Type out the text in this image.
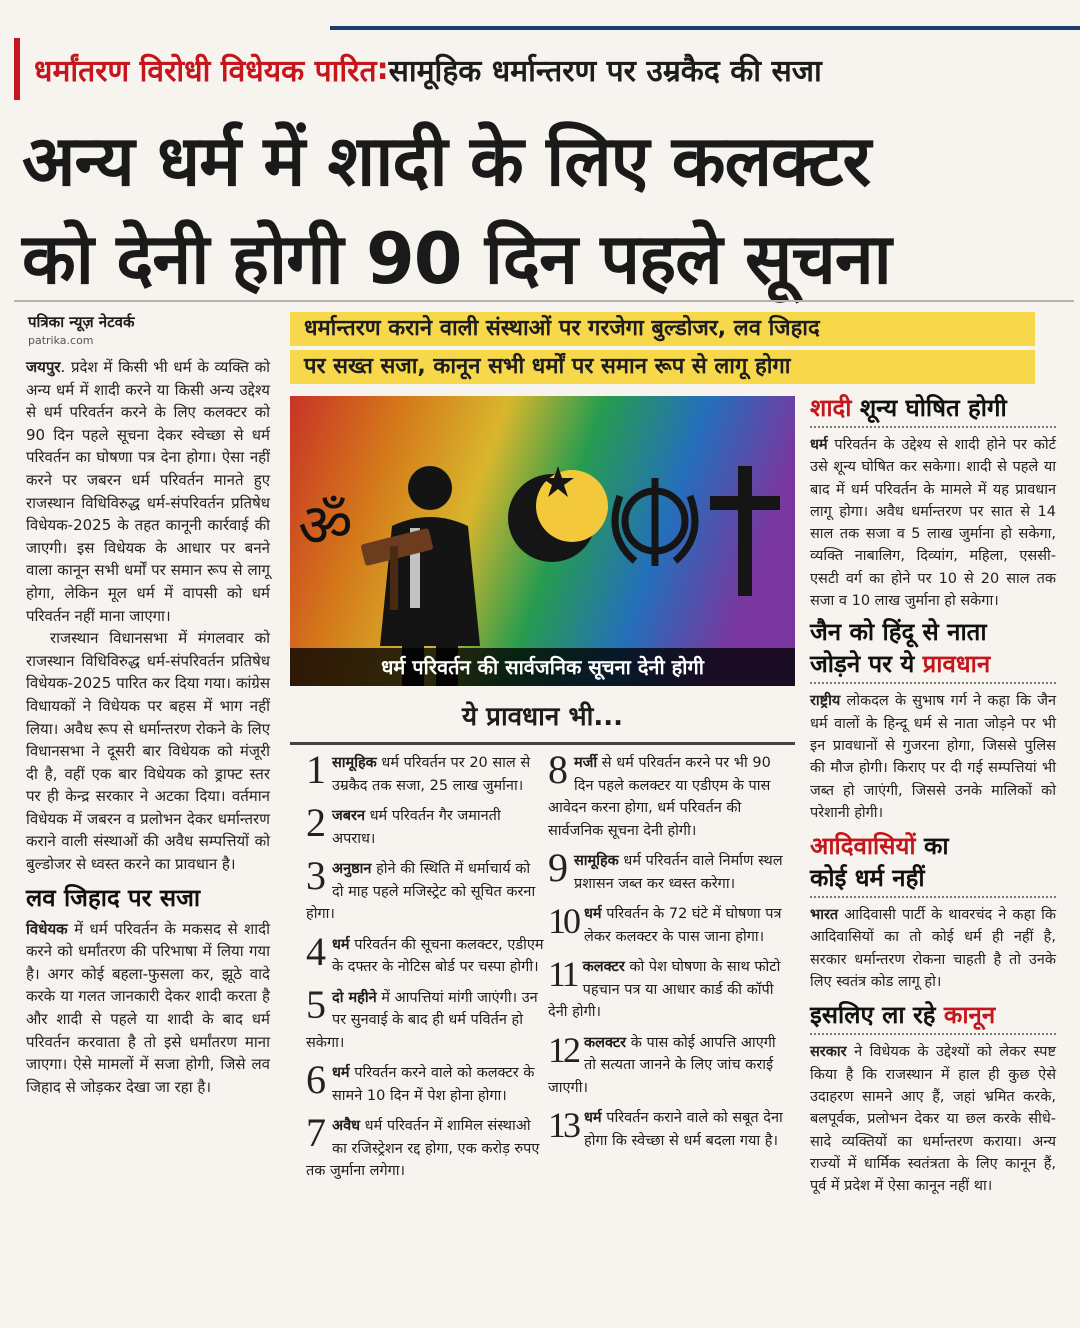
धर्मांतरण विरोधी विधेयक पारित : सामूहिक धर्मान्तरण पर उम्रकैद की सजा
अन्य धर्म में शादी के लिए कलक्टर
को देनी होगी 90 दिन पहले सूचना
पत्रिका न्यूज़ नेटवर्क
patrika.com

जयपुर. प्रदेश में किसी भी धर्म के व्यक्ति को अन्य धर्म में शादी करने या किसी अन्य उद्देश्य से धर्म परिवर्तन करने के लिए कलक्टर को 90 दिन पहले सूचना देकर स्वेच्छा से धर्म परिवर्तन का घोषणा पत्र देना होगा। ऐसा नहीं करने पर जबरन धर्म परिवर्तन मानते हुए राजस्थान विधिविरुद्ध धर्म-संपरिवर्तन प्रतिषेध विधेयक-2025 के तहत कानूनी कार्रवाई की जाएगी। इस विधेयक के आधार पर बनने वाला कानून सभी धर्मों पर समान रूप से लागू होगा, लेकिन मूल धर्म में वापसी को धर्म परिवर्तन नहीं माना जाएगा।

राजस्थान विधानसभा में मंगलवार को राजस्थान विधिविरुद्ध धर्म-संपरिवर्तन प्रतिषेध विधेयक-2025 पारित कर दिया गया। कांग्रेस विधायकों ने विधेयक पर बहस में भाग नहीं लिया। अवैध रूप से धर्मान्तरण रोकने के लिए विधानसभा ने दूसरी बार विधेयक को मंजूरी दी है, वहीं एक बार विधेयक को ड्राफ्ट स्तर पर ही केन्द्र सरकार ने अटका दिया। वर्तमान विधेयक में जबरन व प्रलोभन देकर धर्मान्तरण कराने वाली संस्थाओं की अवैध सम्पत्तियों को बुल्डोजर से ध्वस्त करने का प्रावधान है।

लव जिहाद पर सजा

विधेयक में धर्म परिवर्तन के मकसद से शादी करने को धर्मांतरण की परिभाषा में लिया गया है। अगर कोई बहला-फुसला कर, झूठे वादे करके या गलत जानकारी देकर शादी करता है और शादी से पहले या शादी के बाद धर्म परिवर्तन करवाता है तो इसे धर्मांतरण माना जाएगा। ऐसे मामलों में सजा होगी, जिसे लव जिहाद से जोड़कर देखा जा रहा है।

धर्मान्तरण कराने वाली संस्थाओं पर गरजेगा बुल्डोजर, लव जिहाद
पर सख्त सजा, कानून सभी धर्मों पर समान रूप से लागू होगा
ॐ
धर्म परिवर्तन की सार्वजनिक सूचना देनी होगी
ये प्रावधान भी...
1 सामूहिक धर्म परिवर्तन पर 20 साल से उम्रकैद तक सजा, 25 लाख जुर्माना।
2 जबरन धर्म परिवर्तन गैर जमानती अपराध।
3 अनुष्ठान होने की स्थिति में धर्माचार्य को दो माह पहले मजिस्ट्रेट को सूचित करना होगा।
4 धर्म परिवर्तन की सूचना कलक्टर, एडीएम के दफ्तर के नोटिस बोर्ड पर चस्पा होगी।
5 दो महीने में आपत्तियां मांगी जाएंगी। उन पर सुनवाई के बाद ही धर्म पविर्तन हो सकेगा।
6 धर्म परिवर्तन करने वाले को कलक्टर के सामने 10 दिन में पेश होना होगा।
7 अवैध धर्म परिवर्तन में शामिल संस्थाओ का रजिस्ट्रेशन रद्द होगा, एक करोड़ रुपए तक जुर्माना लगेगा।
8 मर्जी से धर्म परिवर्तन करने पर भी 90 दिन पहले कलक्टर या एडीएम के पास आवेदन करना होगा, धर्म परिवर्तन की सार्वजनिक सूचना देनी होगी।
9 सामूहिक धर्म परिवर्तन वाले निर्माण स्थल प्रशासन जब्त कर ध्वस्त करेगा।
10 धर्म परिवर्तन के 72 घंटे में घोषणा पत्र लेकर कलक्टर के पास जाना होगा।
11 कलक्टर को पेश घोषणा के साथ फोटो पहचान पत्र या आधार कार्ड की कॉपी देनी होगी।
12 कलक्टर के पास कोई आपत्ति आएगी तो सत्यता जानने के लिए जांच कराई जाएगी।
13 धर्म परिवर्तन कराने वाले को सबूत देना होगा कि स्वेच्छा से धर्म बदला गया है।
शादी शून्य घोषित होगी

धर्म परिवर्तन के उद्देश्य से शादी होने पर कोर्ट उसे शून्य घोषित कर सकेगा। शादी से पहले या बाद में धर्म परिवर्तन के मामले में यह प्रावधान लागू होगा। अवैध धर्मान्तरण पर सात से 14 साल तक सजा व 5 लाख जुर्माना हो सकेगा, व्यक्ति नाबालिग, दिव्यांग, महिला, एससी-एसटी वर्ग का होने पर 10 से 20 साल तक सजा व 10 लाख जुर्माना हो सकेगा।

जैन को हिंदू से नाता
जोड़ने पर ये प्रावधान

राष्ट्रीय लोकदल के सुभाष गर्ग ने कहा कि जैन धर्म वालों के हिन्दू धर्म से नाता जोड़ने पर भी इन प्रावधानों से गुजरना होगा, जिससे पुलिस की मौज होगी। किराए पर दी गई सम्पत्तियां भी जब्त हो जाएंगी, जिससे उनके मालिकों को परेशानी होगी।

आदिवासियों का
कोई धर्म नहीं

भारत आदिवासी पार्टी के थावरचंद ने कहा कि आदिवासियों का तो कोई धर्म ही नहीं है, सरकार धर्मान्तरण रोकना चाहती है तो उनके लिए स्वतंत्र कोड लागू हो।

इसलिए ला रहे कानून

सरकार ने विधेयक के उद्देश्यों को लेकर स्पष्ट किया है कि राजस्थान में हाल ही कुछ ऐसे उदाहरण सामने आए हैं, जहां भ्रमित करके, बलपूर्वक, प्रलोभन देकर या छल करके सीधे-सादे व्यक्तियों का धर्मान्तरण कराया। अन्य राज्यों में धार्मिक स्वतंत्रता के लिए कानून हैं, पूर्व में प्रदेश में ऐसा कानून नहीं था।
